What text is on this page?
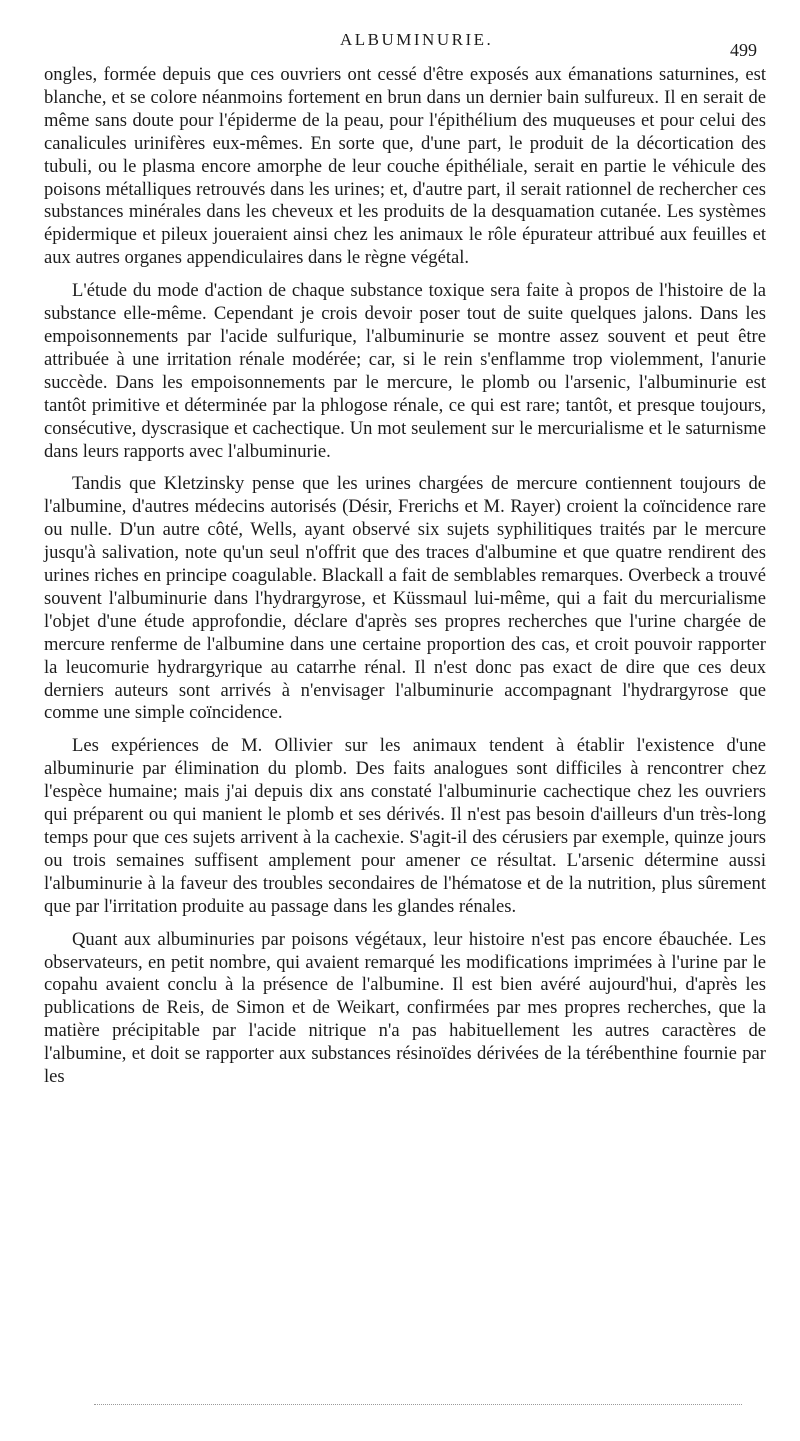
ALBUMINURIE.
499

ongles, formée depuis que ces ouvriers ont cessé d'être exposés aux émanations saturnines, est blanche, et se colore néanmoins fortement en brun dans un dernier bain sulfureux. Il en serait de même sans doute pour l'épiderme de la peau, pour l'épithélium des muqueuses et pour celui des canalicules urinifères eux-mêmes. En sorte que, d'une part, le produit de la décortication des tubuli, ou le plasma encore amorphe de leur couche épithéliale, serait en partie le véhicule des poisons métalliques retrouvés dans les urines; et, d'autre part, il serait rationnel de rechercher ces substances minérales dans les cheveux et les produits de la desquamation cutanée. Les systèmes épidermique et pileux joueraient ainsi chez les animaux le rôle épurateur attribué aux feuilles et aux autres organes appendiculaires dans le règne végétal.

L'étude du mode d'action de chaque substance toxique sera faite à propos de l'histoire de la substance elle-même. Cependant je crois devoir poser tout de suite quelques jalons. Dans les empoisonnements par l'acide sulfurique, l'albuminurie se montre assez souvent et peut être attribuée à une irritation rénale modérée; car, si le rein s'enflamme trop violemment, l'anurie succède. Dans les empoisonnements par le mercure, le plomb ou l'arsenic, l'albuminurie est tantôt primitive et déterminée par la phlogose rénale, ce qui est rare; tantôt, et presque toujours, consécutive, dyscrasique et cachectique. Un mot seulement sur le mercurialisme et le saturnisme dans leurs rapports avec l'albuminurie.

Tandis que Kletzinsky pense que les urines chargées de mercure contiennent toujours de l'albumine, d'autres médecins autorisés (Désir, Frerichs et M. Rayer) croient la coïncidence rare ou nulle. D'un autre côté, Wells, ayant observé six sujets syphilitiques traités par le mercure jusqu'à salivation, note qu'un seul n'offrit que des traces d'albumine et que quatre rendirent des urines riches en principe coagulable. Blackall a fait de semblables remarques. Overbeck a trouvé souvent l'albuminurie dans l'hydrargyrose, et Küssmaul lui-même, qui a fait du mercurialisme l'objet d'une étude approfondie, déclare d'après ses propres recherches que l'urine chargée de mercure renferme de l'albumine dans une certaine proportion des cas, et croit pouvoir rapporter la leucomurie hydrargyrique au catarrhe rénal. Il n'est donc pas exact de dire que ces deux derniers auteurs sont arrivés à n'envisager l'albuminurie accompagnant l'hydrargyrose que comme une simple coïncidence.

Les expériences de M. Ollivier sur les animaux tendent à établir l'existence d'une albuminurie par élimination du plomb. Des faits analogues sont difficiles à rencontrer chez l'espèce humaine; mais j'ai depuis dix ans constaté l'albuminurie cachectique chez les ouvriers qui préparent ou qui manient le plomb et ses dérivés. Il n'est pas besoin d'ailleurs d'un très-long temps pour que ces sujets arrivent à la cachexie. S'agit-il des cérusiers par exemple, quinze jours ou trois semaines suffisent amplement pour amener ce résultat. L'arsenic détermine aussi l'albuminurie à la faveur des troubles secondaires de l'hématose et de la nutrition, plus sûrement que par l'irritation produite au passage dans les glandes rénales.

Quant aux albuminuries par poisons végétaux, leur histoire n'est pas encore ébauchée. Les observateurs, en petit nombre, qui avaient remarqué les modifications imprimées à l'urine par le copahu avaient conclu à la présence de l'albumine. Il est bien avéré aujourd'hui, d'après les publications de Reis, de Simon et de Weikart, confirmées par mes propres recherches, que la matière précipitable par l'acide nitrique n'a pas habituellement les autres caractères de l'albumine, et doit se rapporter aux substances résinoïdes dérivées de la térébenthine fournie par les
